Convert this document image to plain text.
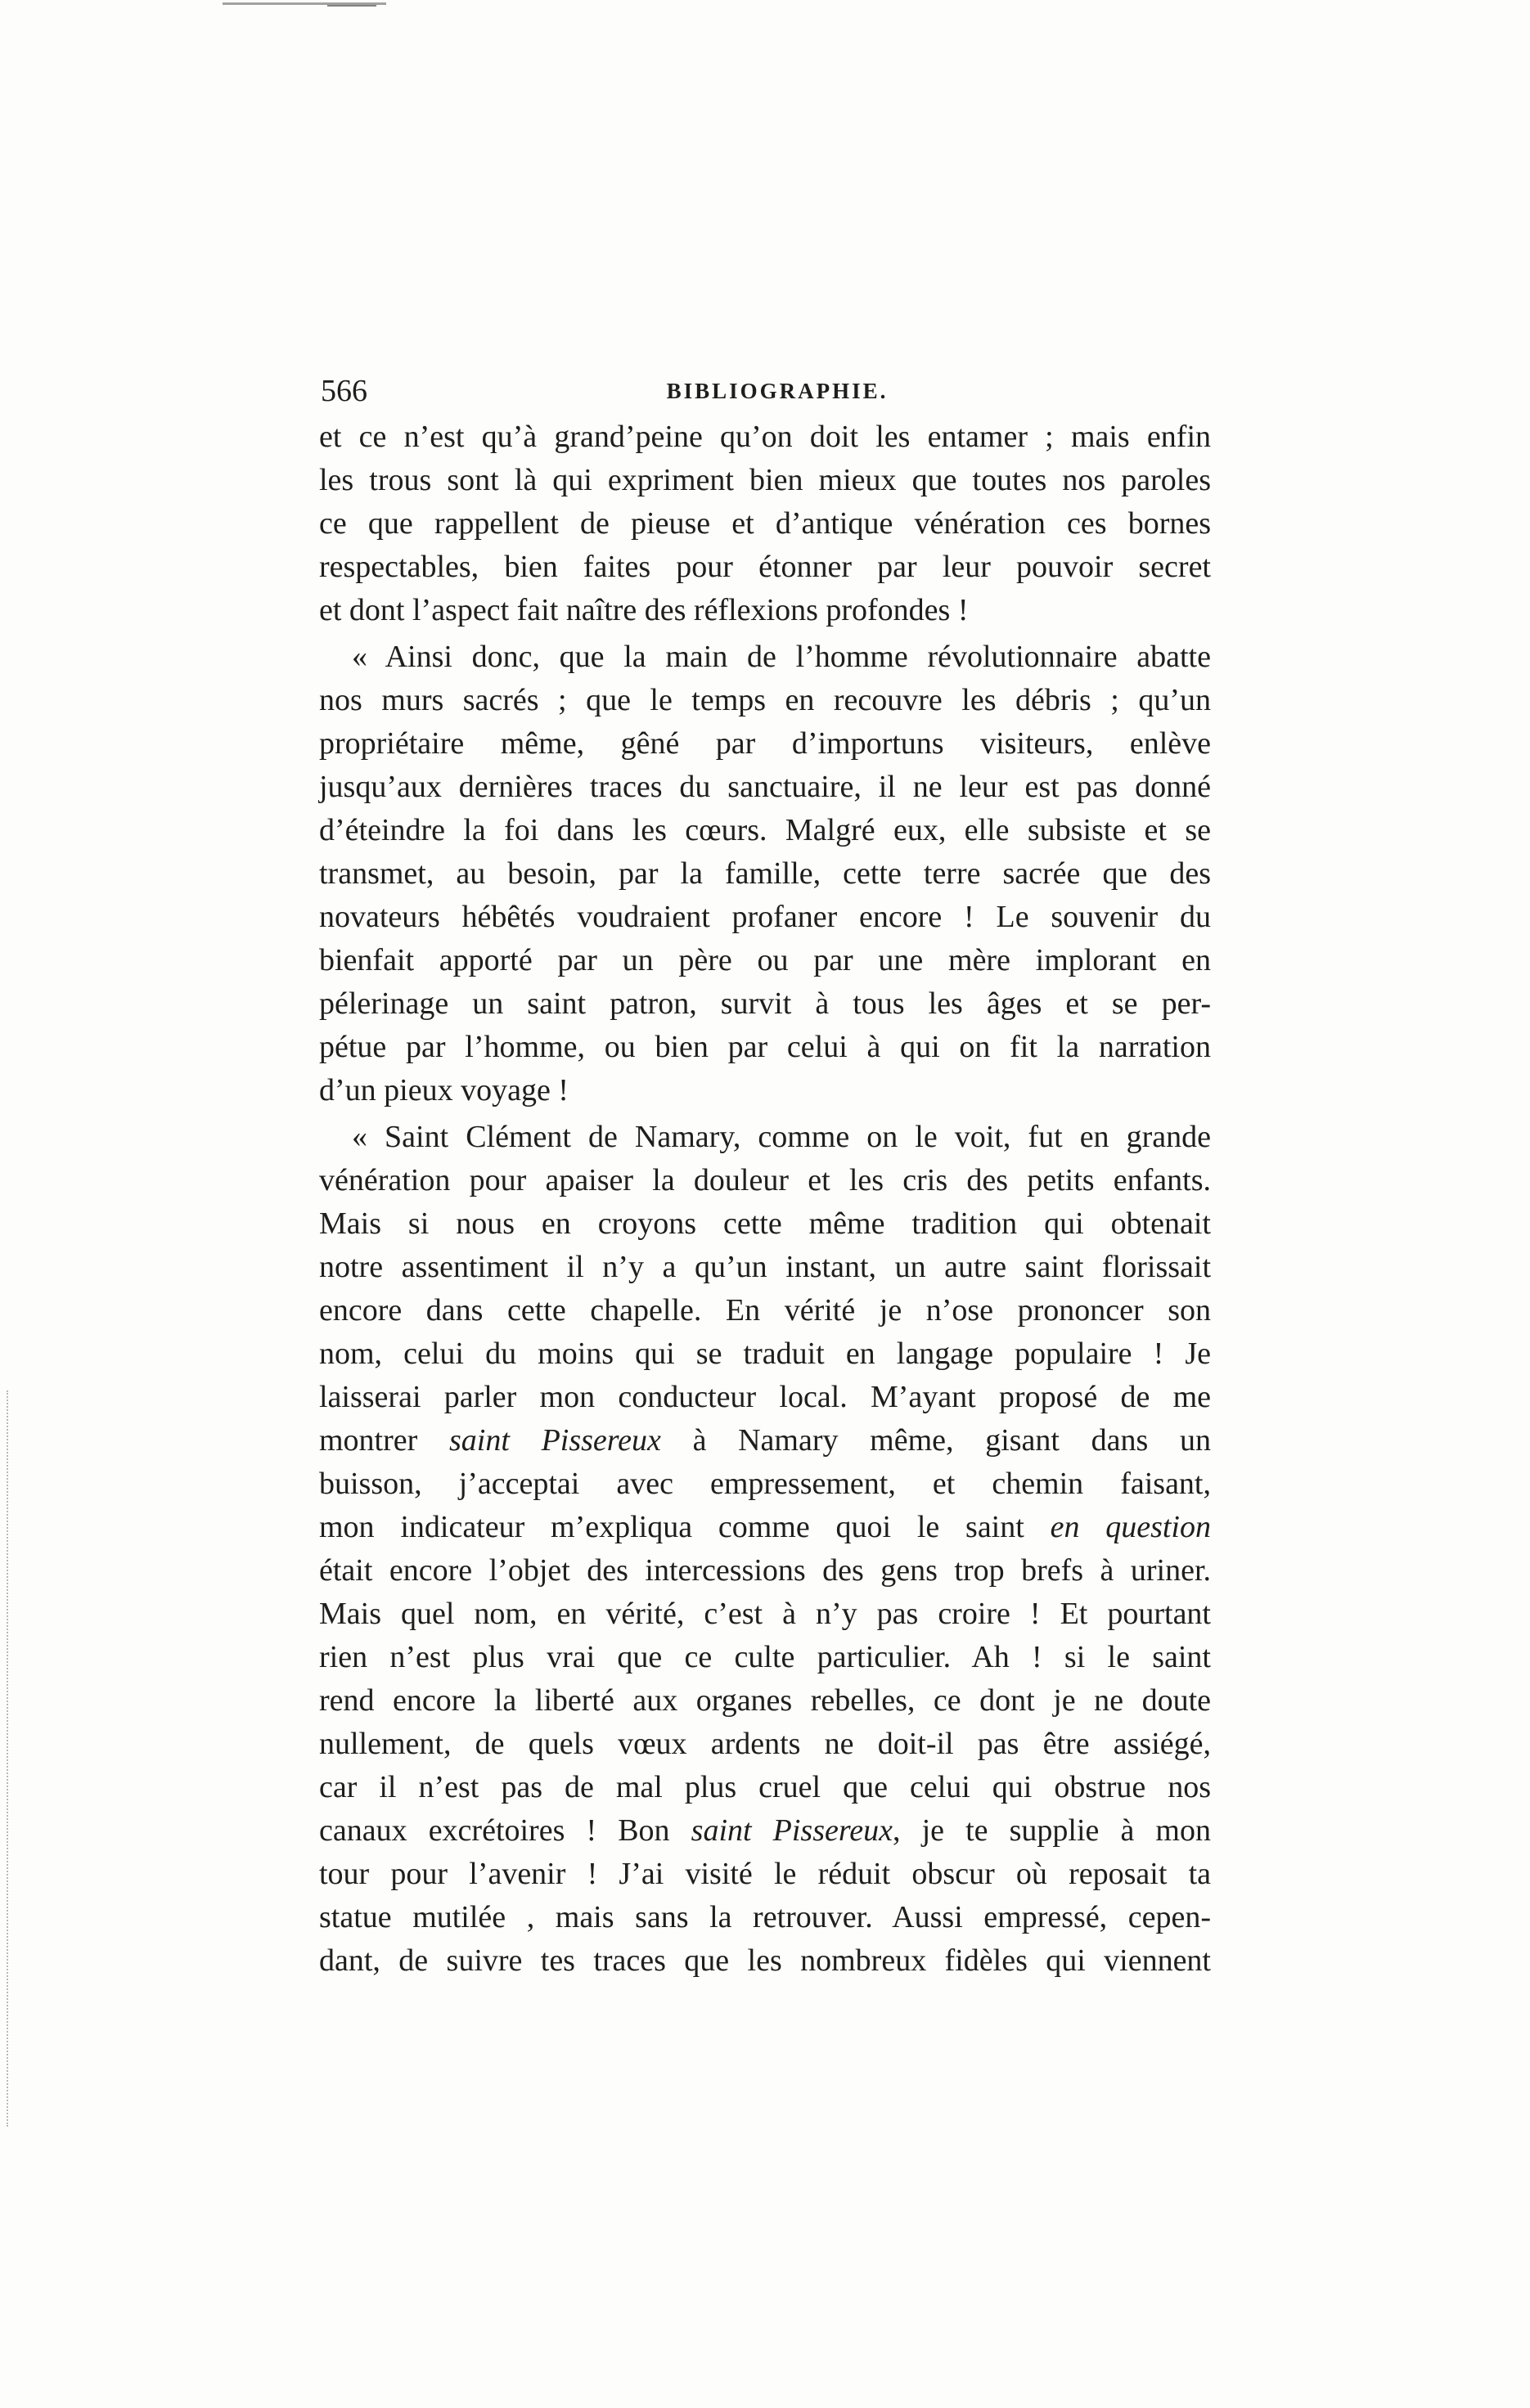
566	BIBLIOGRAPHIE.
et ce n’est qu’à grand’peine qu’on doit les entamer ; mais enfin
les trous sont là qui expriment bien mieux que toutes nos paroles
ce que rappellent de pieuse et d’antique vénération ces bornes
respectables, bien faites pour étonner par leur pouvoir secret
et dont l’aspect fait naître des réflexions profondes !
« Ainsi donc, que la main de l’homme révolutionnaire abatte
nos murs sacrés ; que le temps en recouvre les débris ; qu’un
propriétaire même, gêné par d’importuns visiteurs, enlève
jusqu’aux dernières traces du sanctuaire, il ne leur est pas donné
d’éteindre la foi dans les cœurs. Malgré eux, elle subsiste et se
transmet, au besoin, par la famille, cette terre sacrée que des
novateurs hébêtés voudraient profaner encore ! Le souvenir du
bienfait apporté par un père ou par une mère implorant en
pélerinage un saint patron, survit à tous les âges et se per-
pétue par l’homme, ou bien par celui à qui on fit la narration
d’un pieux voyage !
« Saint Clément de Namary, comme on le voit, fut en grande
vénération pour apaiser la douleur et les cris des petits enfants.
Mais si nous en croyons cette même tradition qui obtenait
notre assentiment il n’y a qu’un instant, un autre saint florissait
encore dans cette chapelle. En vérité je n’ose prononcer son
nom, celui du moins qui se traduit en langage populaire ! Je
laisserai parler mon conducteur local. M’ayant proposé de me
montrer saint Pissereux à Namary même, gisant dans un
buisson, j’acceptai avec empressement, et chemin faisant,
mon indicateur m’expliqua comme quoi le saint en question
était encore l’objet des intercessions des gens trop brefs à uriner.
Mais quel nom, en vérité, c’est à n’y pas croire ! Et pourtant
rien n’est plus vrai que ce culte particulier. Ah ! si le saint
rend encore la liberté aux organes rebelles, ce dont je ne doute
nullement, de quels vœux ardents ne doit-il pas être assiégé,
car il n’est pas de mal plus cruel que celui qui obstrue nos
canaux excrétoires ! Bon saint Pissereux, je te supplie à mon
tour pour l’avenir ! J’ai visité le réduit obscur où reposait ta
statue mutilée , mais sans la retrouver. Aussi empressé, cepen-
dant, de suivre tes traces que les nombreux fidèles qui viennent
